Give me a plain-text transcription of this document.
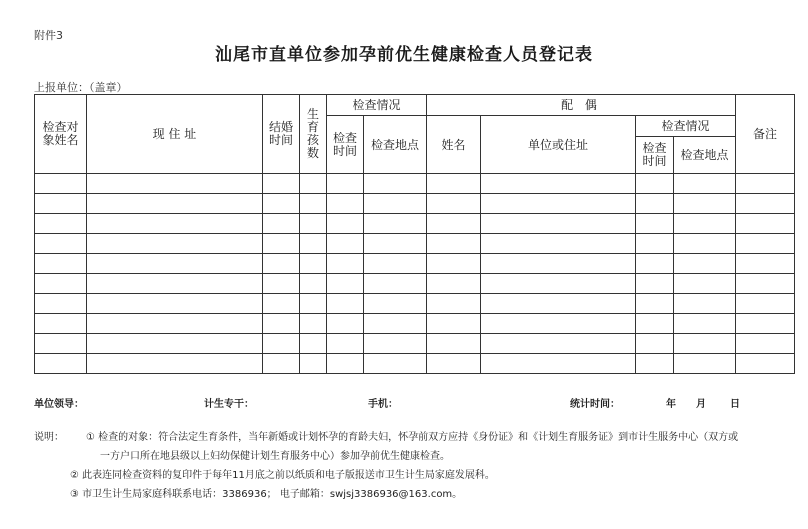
附件3
汕尾市直单位参加孕前优生健康检查人员登记表
上报单位：（盖章）
检查对象姓名	现 住 址	结婚时间	生育孩数	检查情况		配 偶				备注

				检查时间	检查地点	姓名	单位或住址	检查情况		

								检查时间	检查地点	

单位领导：	计生专干：	手机：	统计时间：	年 月 日
说明： ① 检查的对象：符合法定生育条件，当年新婚或计划怀孕的育龄夫妇，怀孕前双方应持《身份证》和《计划生育服务证》到市计生服务中心（双方或
一方户口所在地县级以上妇幼保健计划生育服务中心）参加孕前优生健康检查。
② 此表连同检查资料的复印件于每年11月底之前以纸质和电子版报送市卫生计生局家庭发展科。
③ 市卫生计生局家庭科联系电话：3386936； 电子邮箱：swjsj3386936@163.com。
